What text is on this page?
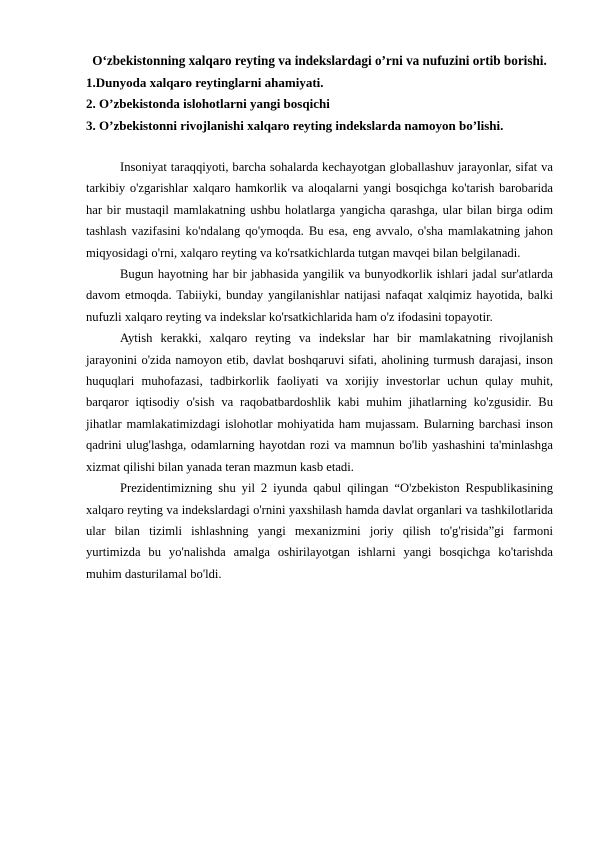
O‘zbekistonning xalqaro reyting va indekslardagi o’rni va nufuzini ortib borishi.
1.Dunyoda xalqaro reytinglarni ahamiyati.
2. O’zbekistonda islohotlarni yangi bosqichi
3. O’zbekistonni rivojlanishi xalqaro reyting indekslarda namoyon bo’lishi.

Insoniyat taraqqiyoti, barcha sohalarda kechayotgan globallashuv jarayonlar, sifat va tarkibiy o'zgarishlar xalqaro hamkorlik va aloqalarni yangi bosqichga ko'tarish barobarida har bir mustaqil mamlakatning ushbu holatlarga yangicha qarashga, ular bilan birga odim tashlash vazifasini ko'ndalang qo'ymoqda. Bu esa, eng avvalo, o'sha mamlakatning jahon miqyosidagi o'rni, xalqaro reyting va ko'rsatkichlarda tutgan mavqei bilan belgilanadi.

Bugun hayotning har bir jabhasida yangilik va bunyodkorlik ishlari jadal sur'atlarda davom etmoqda. Tabiiyki, bunday yangilanishlar natijasi nafaqat xalqimiz hayotida, balki nufuzli xalqaro reyting va indekslar ko'rsatkichlarida ham o'z ifodasini topayotir.

Aytish kerakki, xalqaro reyting va indekslar har bir mamlakatning rivojlanish jarayonini o'zida namoyon etib, davlat boshqaruvi sifati, aholining turmush darajasi, inson huquqlari muhofazasi, tadbirkorlik faoliyati va xorijiy investorlar uchun qulay muhit, barqaror iqtisodiy o'sish va raqobatbardoshlik kabi muhim jihatlarning ko'zgusidir. Bu jihatlar mamlakatimizdagi islohotlar mohiyatida ham mujassam. Bularning barchasi inson qadrini ulug'lashga, odamlarning hayotdan rozi va mamnun bo'lib yashashini ta'minlashga xizmat qilishi bilan yanada teran mazmun kasb etadi.

Prezidentimizning shu yil 2 iyunda qabul qilingan “O'zbekiston Respublikasining xalqaro reyting va indekslardagi o'rnini yaxshilash hamda davlat organlari va tashkilotlarida ular bilan tizimli ishlashning yangi mexanizmini joriy qilish to'g'risida”gi farmoni yurtimizda bu yo'nalishda amalga oshirilayotgan ishlarni yangi bosqichga ko'tarishda muhim dasturilamal bo'ldi.
